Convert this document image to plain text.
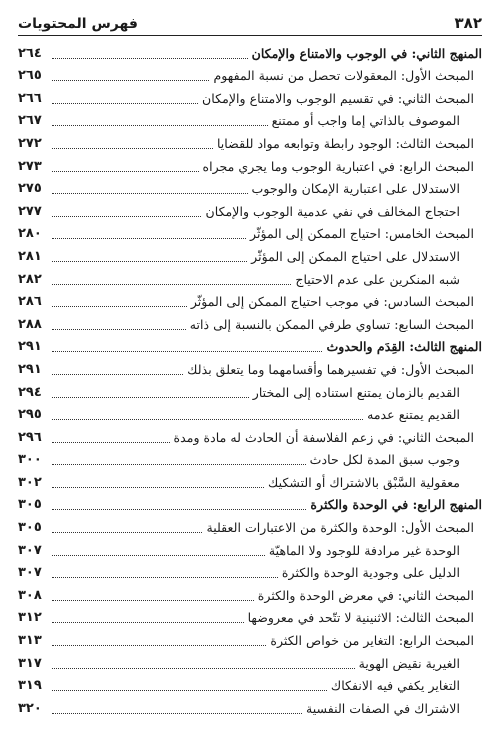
٣٨٢
فهرس المحتويات
المنهج الثاني: في الوجوب والامتناع والإمكان
٢٦٤
المبحث الأول: المعقولات تحصل من نسبة المفهوم
٢٦٥
المبحث الثاني: في تقسيم الوجوب والامتناع والإمكان
٢٦٦
الموصوف بالذاتي إما واجب أو ممتنع
٢٦٧
المبحث الثالث: الوجود رابطة وتوابعه مواد للقضايا
٢٧٢
المبحث الرابع: في اعتبارية الوجوب وما يجري مجراه
٢٧٣
الاستدلال على اعتبارية الإمكان والوجوب
٢٧٥
احتجاج المخالف في نفي عدمية الوجوب والإمكان
٢٧٧
المبحث الخامس: احتياج الممكن إلى المؤثّر
٢٨٠
الاستدلال على احتياج الممكن إلى المؤثّر
٢٨١
شبه المنكرين على عدم الاحتياج
٢٨٢
المبحث السادس: في موجب احتياج الممكن إلى المؤثّر
٢٨٦
المبحث السابع: تساوي طرفي الممكن بالنسبة إلى ذاته
٢٨٨
المنهج الثالث: القِدَم والحدوث
٢٩١
المبحث الأول: في تفسيرهما وأقسامهما وما يتعلق بذلك
٢٩١
القديم بالزمان يمتنع استناده إلى المختار
٢٩٤
القديم يمتنع عدمه
٢٩٥
المبحث الثاني: في زعم الفلاسفة أن الحادث له مادة ومدة
٢٩٦
وجوب سبق المدة لكل حادث
٣٠٠
معقولية السَّبْق بالاشتراك أو التشكيك
٣٠٢
المنهج الرابع: في الوحدة والكثرة
٣٠٥
المبحث الأول: الوحدة والكثرة من الاعتبارات العقلية
٣٠٥
الوحدة غير مرادفة للوجود ولا الماهيّة
٣٠٧
الدليل على وجودية الوحدة والكثرة
٣٠٧
المبحث الثاني: في معرض الوحدة والكثرة
٣٠٨
المبحث الثالث: الاثنينية لا تتّحد في معروضها
٣١٢
المبحث الرابع: التغاير من خواص الكثرة
٣١٣
الغيرية نقيض الهوية
٣١٧
التغاير يكفي فيه الانفكاك
٣١٩
الاشتراك في الصفات النفسية
٣٢٠
